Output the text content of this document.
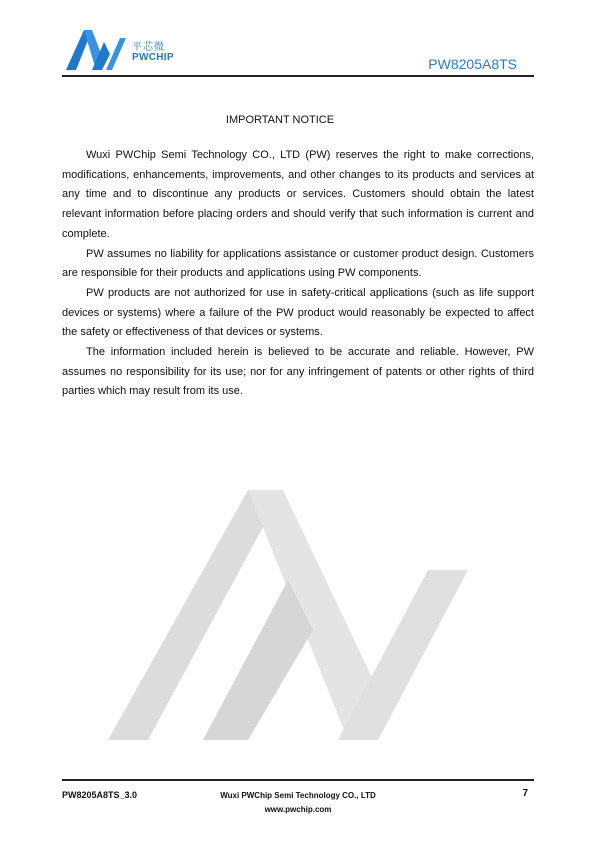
平芯微
PWCHIP	PW8205A8TS
IMPORTANT NOTICE

Wuxi PWChip Semi Technology CO., LTD (PW) reserves the right to make corrections, modifications, enhancements, improvements, and other changes to its products and services at any time and to discontinue any products or services. Customers should obtain the latest relevant information before placing orders and should verify that such information is current and complete.

PW assumes no liability for applications assistance or customer product design. Customers are responsible for their products and applications using PW components.

PW products are not authorized for use in safety-critical applications (such as life support devices or systems) where a failure of the PW product would reasonably be expected to affect the safety or effectiveness of that devices or systems.

The information included herein is believed to be accurate and reliable. However, PW assumes no responsibility for its use; nor for any infringement of patents or other rights of third parties which may result from its use.

PW8205A8TS_3.0	Wuxi PWChip Semi Technology CO., LTD
www.pwchip.com
7
